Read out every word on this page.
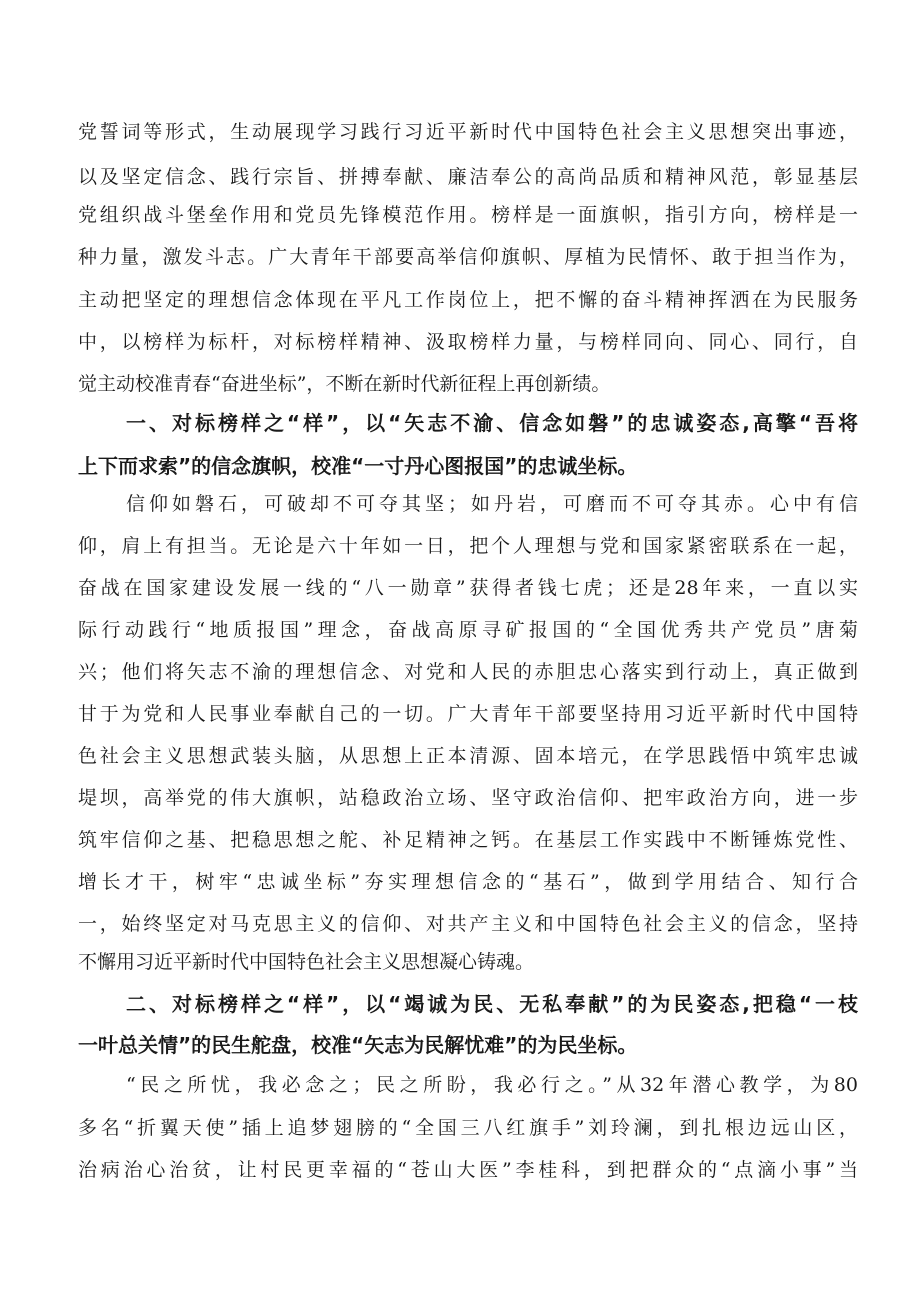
党誓词等形式，生动展现学习践行习近平新时代中国特色社会主义思想突出事迹，
以及坚定信念、践行宗旨、拼搏奉献、廉洁奉公的高尚品质和精神风范，彰显基层
党组织战斗堡垒作用和党员先锋模范作用。榜样是一面旗帜，指引方向，榜样是一
种力量，激发斗志。广大青年干部要高举信仰旗帜、厚植为民情怀、敢于担当作为，
主动把坚定的理想信念体现在平凡工作岗位上，把不懈的奋斗精神挥洒在为民服务
中，以榜样为标杆，对标榜样精神、汲取榜样力量，与榜样同向、同心、同行，自
觉主动校准青春“奋进坐标”，不断在新时代新征程上再创新绩。
一、对标榜样之“样”，以“矢志不渝、信念如磐”的忠诚姿态,高擎“吾将
上下而求索”的信念旗帜，校准“一寸丹心图报国”的忠诚坐标。
信仰如磐石，可破却不可夺其坚；如丹岩，可磨而不可夺其赤。心中有信
仰，肩上有担当。无论是六十年如一日，把个人理想与党和国家紧密联系在一起，
奋战在国家建设发展一线的“八一勋章”获得者钱七虎；还是28年来，一直以实
际行动践行“地质报国”理念，奋战高原寻矿报国的“全国优秀共产党员”唐菊
兴；他们将矢志不渝的理想信念、对党和人民的赤胆忠心落实到行动上，真正做到
甘于为党和人民事业奉献自己的一切。广大青年干部要坚持用习近平新时代中国特
色社会主义思想武装头脑，从思想上正本清源、固本培元，在学思践悟中筑牢忠诚
堤坝，高举党的伟大旗帜，站稳政治立场、坚守政治信仰、把牢政治方向，进一步
筑牢信仰之基、把稳思想之舵、补足精神之钙。在基层工作实践中不断锤炼党性、
增长才干，树牢“忠诚坐标”夯实理想信念的“基石”，做到学用结合、知行合
一，始终坚定对马克思主义的信仰、对共产主义和中国特色社会主义的信念，坚持
不懈用习近平新时代中国特色社会主义思想凝心铸魂。
二、对标榜样之“样”，以“竭诚为民、无私奉献”的为民姿态,把稳“一枝
一叶总关情”的民生舵盘，校准“矢志为民解忧难”的为民坐标。
“民之所忧，我必念之；民之所盼，我必行之。”从32年潜心教学，为80
多名“折翼天使”插上追梦翅膀的“全国三八红旗手”刘玲澜，到扎根边远山区，
治病治心治贫，让村民更幸福的“苍山大医”李桂科，到把群众的“点滴小事”当
